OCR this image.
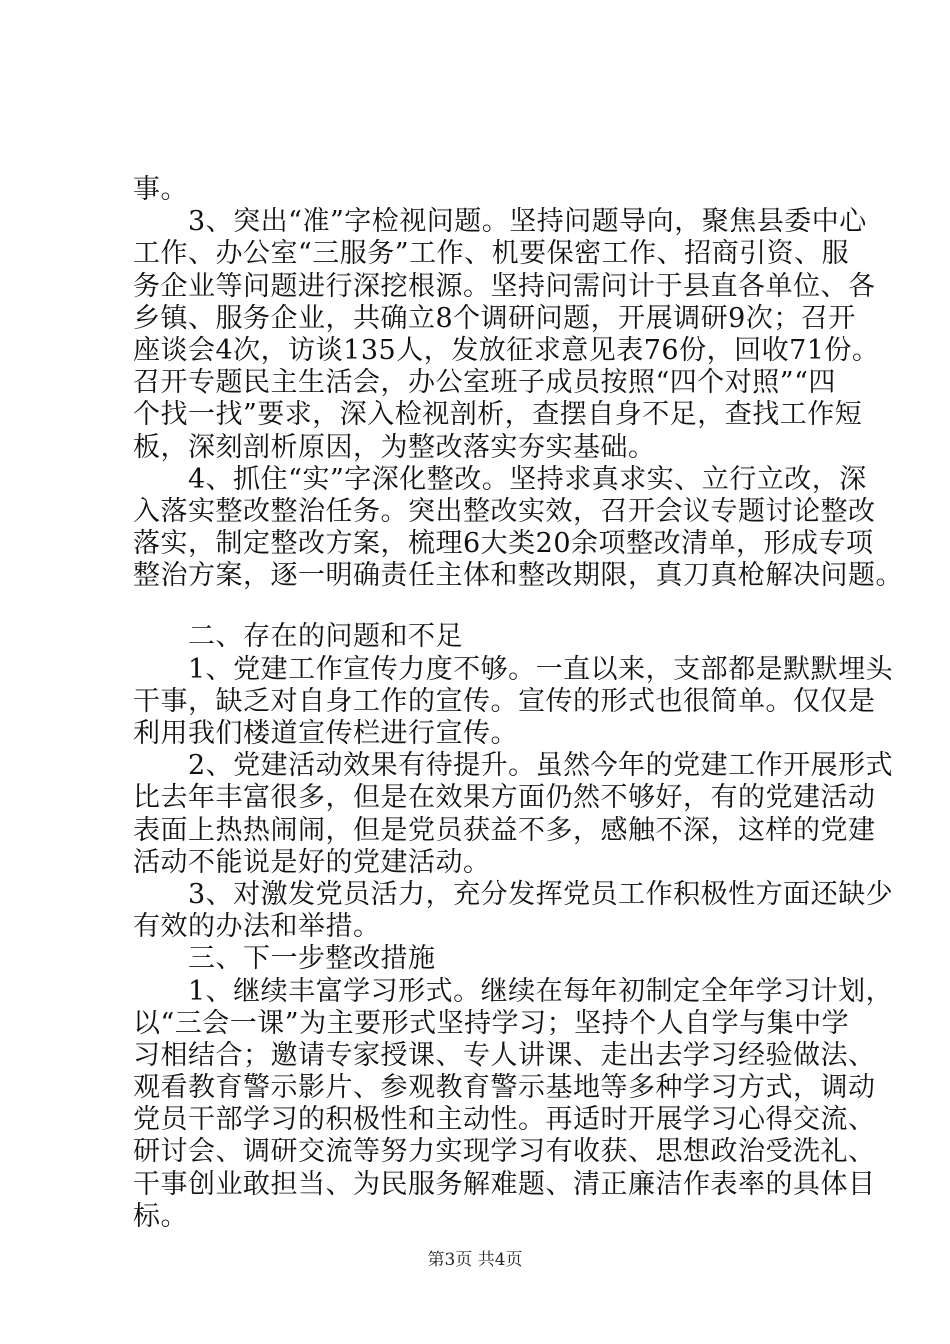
事。
　　3、突出“准”字检视问题。坚持问题导向，聚焦县委中心
工作、办公室“三服务”工作、机要保密工作、招商引资、服
务企业等问题进行深挖根源。坚持问需问计于县直各单位、各
乡镇、服务企业，共确立8个调研问题，开展调研9次；召开
座谈会4次，访谈135人，发放征求意见表76份，回收71份。
召开专题民主生活会，办公室班子成员按照“四个对照”“四
个找一找”要求，深入检视剖析，查摆自身不足，查找工作短
板，深刻剖析原因，为整改落实夯实基础。
　　4、抓住“实”字深化整改。坚持求真求实、立行立改，深
入落实整改整治任务。突出整改实效，召开会议专题讨论整改
落实，制定整改方案，梳理6大类20余项整改清单，形成专项
整治方案，逐一明确责任主体和整改期限，真刀真枪解决问题。
　　二、存在的问题和不足
　　1、党建工作宣传力度不够。一直以来，支部都是默默埋头
干事，缺乏对自身工作的宣传。宣传的形式也很简单。仅仅是
利用我们楼道宣传栏进行宣传。
　　2、党建活动效果有待提升。虽然今年的党建工作开展形式
比去年丰富很多，但是在效果方面仍然不够好，有的党建活动
表面上热热闹闹，但是党员获益不多，感触不深，这样的党建
活动不能说是好的党建活动。
　　3、对激发党员活力，充分发挥党员工作积极性方面还缺少
有效的办法和举措。
　　三、下一步整改措施
　　1、继续丰富学习形式。继续在每年初制定全年学习计划，
以“三会一课”为主要形式坚持学习；坚持个人自学与集中学
习相结合；邀请专家授课、专人讲课、走出去学习经验做法、
观看教育警示影片、参观教育警示基地等多种学习方式，调动
党员干部学习的积极性和主动性。再适时开展学习心得交流、
研讨会、调研交流等努力实现学习有收获、思想政治受洗礼、
干事创业敢担当、为民服务解难题、清正廉洁作表率的具体目
标。
第3页 共4页
